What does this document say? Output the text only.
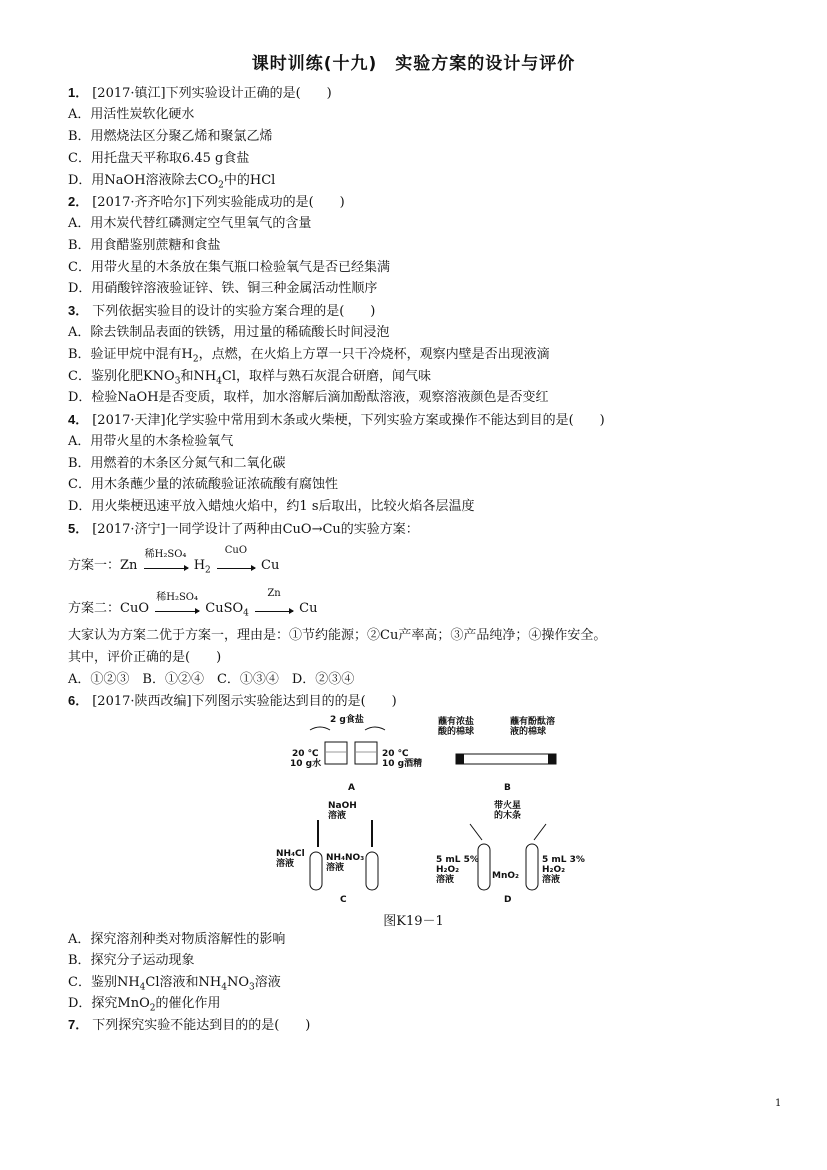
课时训练(十九)　实验方案的设计与评价
1． [2017·镇江]下列实验设计正确的是(　　)
A．用活性炭软化硬水
B．用燃烧法区分聚乙烯和聚氯乙烯
C．用托盘天平称取6.45 g食盐
D．用NaOH溶液除去$CO_2$中的HCl
2． [2017·齐齐哈尔]下列实验能成功的是(　　)
A．用木炭代替红磷测定空气里氧气的含量
B．用食醋鉴别蔗糖和食盐
C．用带火星的木条放在集气瓶口检验氧气是否已经集满
D．用硝酸锌溶液验证锌、铁、铜三种金属活动性顺序
3． 下列依据实验目的设计的实验方案合理的是(　　)
A．除去铁制品表面的铁锈，用过量的稀硫酸长时间浸泡
B．验证甲烷中混有$H_2$，点燃，在火焰上方罩一只干冷烧杯，观察内壁是否出现液滴
C．鉴别化肥$KNO_3$和$NH_4Cl$，取样与熟石灰混合研磨，闻气味
D．检验NaOH是否变质，取样，加水溶解后滴加酚酞溶液，观察溶液颜色是否变红
4． [2017·天津]化学实验中常用到木条或火柴梗，下列实验方案或操作不能达到目的是(　　)
A．用带火星的木条检验氧气
B．用燃着的木条区分氮气和二氧化碳
C．用木条蘸少量的浓硫酸验证浓硫酸有腐蚀性
D．用火柴梗迅速平放入蜡烛火焰中，约1 s后取出，比较火焰各层温度
5． [2017·济宁]一同学设计了两种由CuO→Cu的实验方案：
方案一：Zn
稀H₂SO₄
$H_2$
CuO
Cu
方案二：CuO
稀H₂SO₄
CuSO$_4$
Zn
Cu
大家认为方案二优于方案一，理由是：①节约能源；②Cu产率高；③产品纯净；④操作安全。
其中，评价正确的是(　　)
A．①②③　B．①②④　C．①③④　D．②③④
6． [2017·陕西改编]下列图示实验能达到目的的是(　　)
2 g食盐
20 ℃ 10 g水
20 ℃ 10 g酒精
A
蘸有浓盐酸的棉球
蘸有酚酞溶液的棉球
B
NaOH 溶液
NH₄Cl 溶液
NH₄NO₃ 溶液
C
带火星的木条
5 mL 5% H₂O₂ 溶液	MnO₂
5 mL 3% H₂O₂ 溶液
D
图K19－1
A．探究溶剂种类对物质溶解性的影响
B．探究分子运动现象
C．鉴别$NH_4Cl$溶液和$NH_4NO_3$溶液
D．探究MnO$_2$的催化作用
7． 下列探究实验不能达到目的的是(　　)
1
